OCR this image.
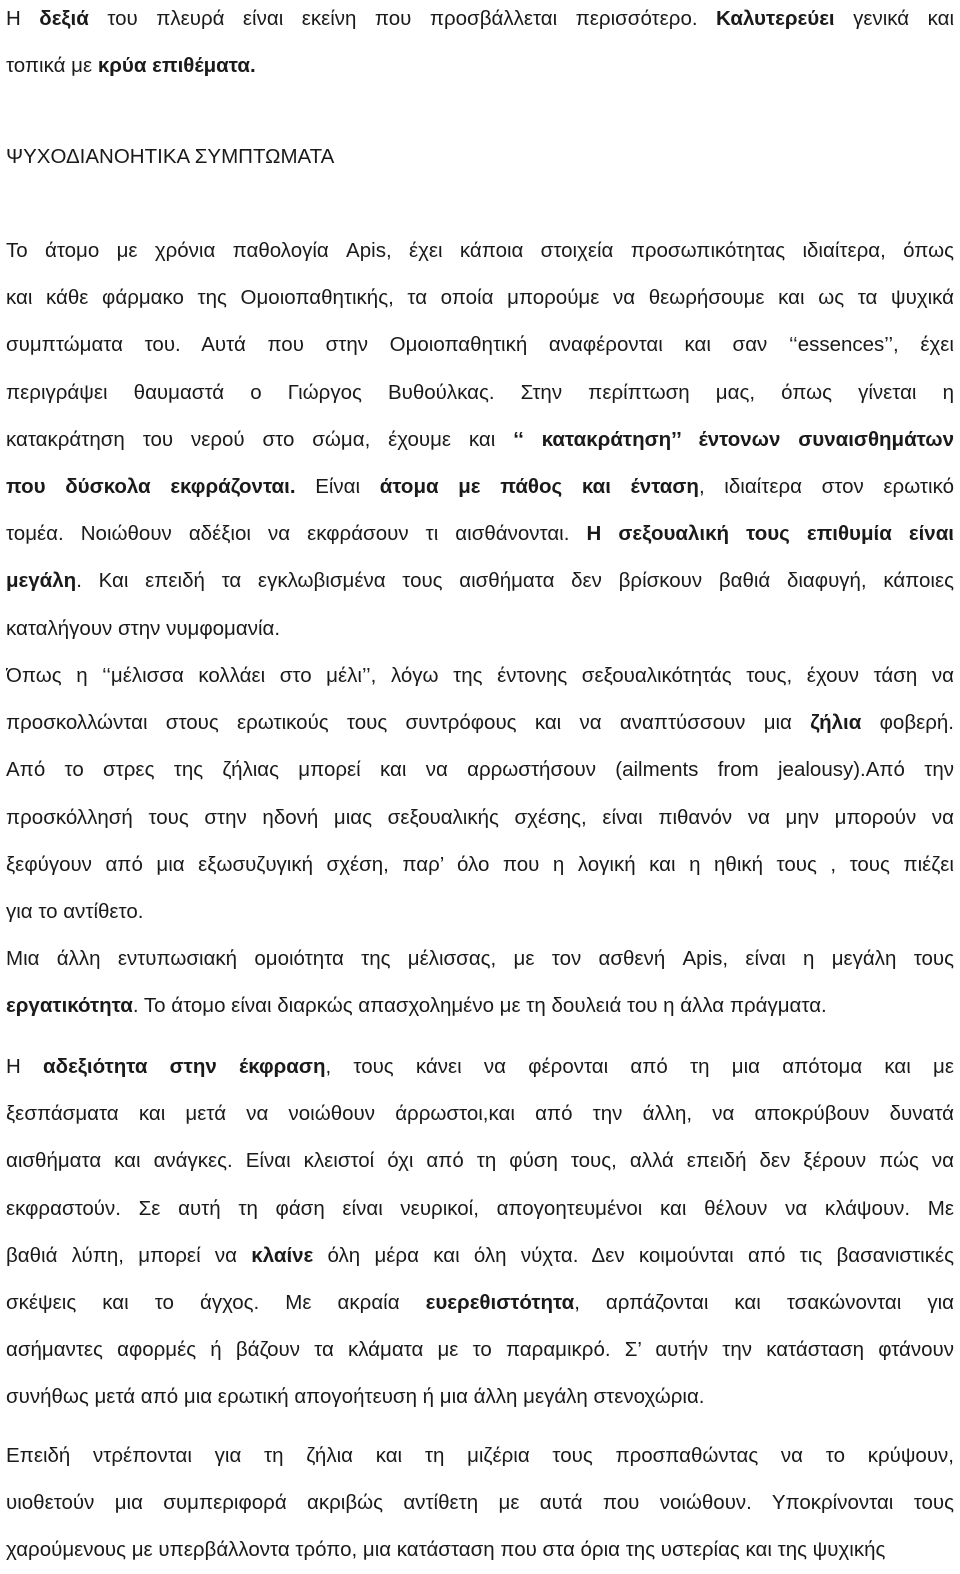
H δεξιά του πλευρά είναι εκείνη που προσβάλλεται περισσότερο. Καλυτερεύει γενικά και
τοπικά με κρύα επιθέματα.
ΨΥΧΟΔΙΑΝΟΗΤΙΚΑ ΣΥΜΠΤΩΜΑΤΑ
Το άτομο με χρόνια παθολογία Apis, έχει κάποια στοιχεία προσωπικότητας ιδιαίτερα, όπως
και κάθε φάρμακο της Ομοιοπαθητικής, τα οποία μπορούμε να θεωρήσουμε και ως τα ψυχικά
συμπτώματα του. Αυτά που στην Ομοιοπαθητική αναφέρονται και σαν ‘‘essences’’, έχει
περιγράψει θαυμαστά ο Γιώργος Βυθούλκας. Στην περίπτωση μας, όπως γίνεται η
κατακράτηση του νερού στο σώμα, έχουμε και ‘‘ κατακράτηση’’ έντονων συναισθημάτων
που δύσκολα εκφράζονται. Είναι άτομα με πάθος και ένταση, ιδιαίτερα στον ερωτικό
τομέα. Νοιώθουν αδέξιοι να εκφράσουν τι αισθάνονται. Η σεξουαλική τους επιθυμία είναι
μεγάλη. Και επειδή τα εγκλωβισμένα τους αισθήματα δεν βρίσκουν βαθιά διαφυγή, κάποιες
καταλήγουν στην νυμφομανία.
Όπως η ‘‘μέλισσα κολλάει στο μέλι’’, λόγω της έντονης σεξουαλικότητάς τους, έχουν τάση να
προσκολλώνται στους ερωτικούς τους συντρόφους και να αναπτύσσουν μια ζήλια φοβερή.
Από το στρες της ζήλιας μπορεί και να αρρωστήσουν (ailments from jealousy).Από την
προσκόλλησή τους στην ηδονή μιας σεξουαλικής σχέσης, είναι πιθανόν να μην μπορούν να
ξεφύγουν από μια εξωσυζυγική σχέση, παρ’ όλο που η λογική και η ηθική τους , τους πιέζει
για το αντίθετο.
Μια άλλη εντυπωσιακή ομοιότητα της μέλισσας, με τον ασθενή Apis, είναι η μεγάλη τους
εργατικότητα. Το άτομο είναι διαρκώς απασχολημένο με τη δουλειά του η άλλα πράγματα.
Η αδεξιότητα στην έκφραση, τους κάνει να φέρονται από τη μια απότομα και με
ξεσπάσματα και μετά να νοιώθουν άρρωστοι,και από την άλλη, να αποκρύβουν δυνατά
αισθήματα και ανάγκες. Είναι κλειστοί όχι από τη φύση τους, αλλά επειδή δεν ξέρουν πώς να
εκφραστούν. Σε αυτή τη φάση είναι νευρικοί, απογοητευμένοι και θέλουν να κλάψουν. Με
βαθιά λύπη, μπορεί να κλαίνε όλη μέρα και όλη νύχτα. Δεν κοιμούνται από τις βασανιστικές
σκέψεις και το άγχος. Με ακραία ευερεθιστότητα, αρπάζονται και τσακώνονται για
ασήμαντες αφορμές ή βάζουν τα κλάματα με το παραμικρό. Σ’ αυτήν την κατάσταση φτάνουν
συνήθως μετά από μια ερωτική απογοήτευση ή μια άλλη μεγάλη στενοχώρια.
Επειδή ντρέπονται για τη ζήλια και τη μιζέρια τους προσπαθώντας να το κρύψουν,
υιοθετούν μια συμπεριφορά ακριβώς αντίθετη με αυτά που νοιώθουν. Υποκρίνονται τους
χαρούμενους με υπερβάλλοντα τρόπο, μια κατάσταση που στα όρια της υστερίας και της ψυχικής
